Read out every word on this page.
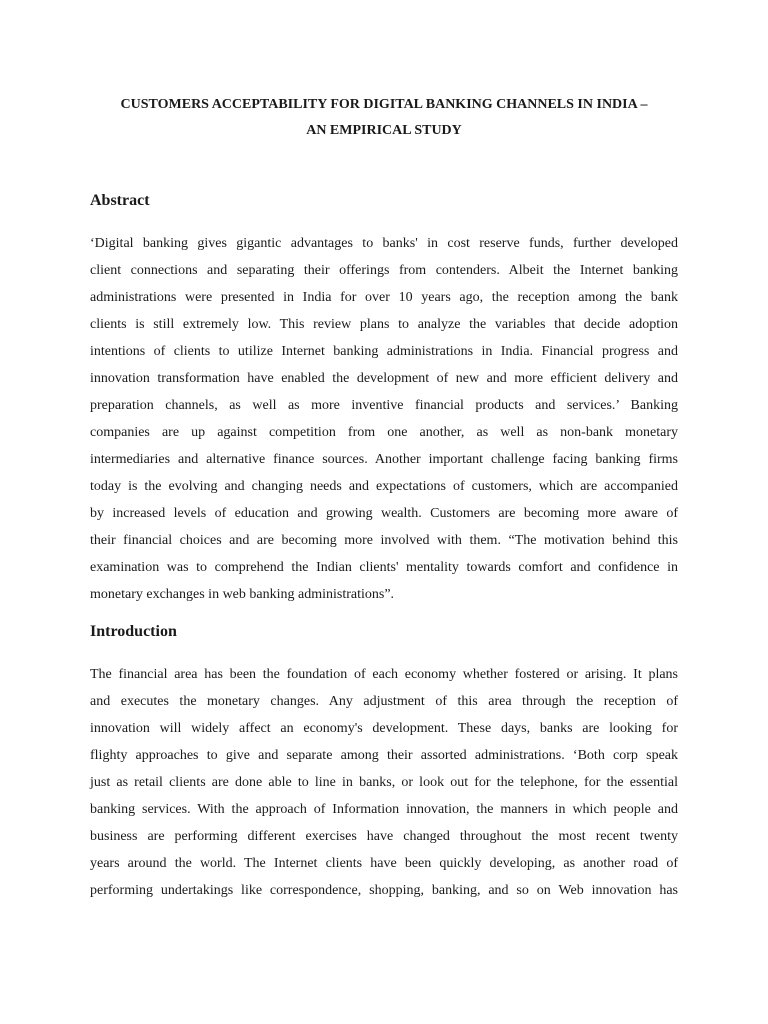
CUSTOMERS ACCEPTABILITY FOR DIGITAL BANKING CHANNELS IN INDIA –
AN EMPIRICAL STUDY
Abstract
‘Digital banking gives gigantic advantages to banks' in cost reserve funds, further developed
client connections and separating their offerings from contenders. Albeit the Internet banking
administrations were presented in India for over 10 years ago, the reception among the bank
clients is still extremely low. This review plans to analyze the variables that decide adoption
intentions of clients to utilize Internet banking administrations in India. Financial progress and
innovation transformation have enabled the development of new and more efficient delivery and
preparation channels, as well as more inventive financial products and services.’ Banking
companies are up against competition from one another, as well as non-bank monetary
intermediaries and alternative finance sources. Another important challenge facing banking firms
today is the evolving and changing needs and expectations of customers, which are accompanied
by increased levels of education and growing wealth. Customers are becoming more aware of
their financial choices and are becoming more involved with them. “The motivation behind this
examination was to comprehend the Indian clients' mentality towards comfort and confidence in
monetary exchanges in web banking administrations”.
Introduction
The financial area has been the foundation of each economy whether fostered or arising. It plans
and executes the monetary changes. Any adjustment of this area through the reception of
innovation will widely affect an economy's development. These days, banks are looking for
flighty approaches to give and separate among their assorted administrations. ‘Both corp speak
just as retail clients are done able to line in banks, or look out for the telephone, for the essential
banking services. With the approach of Information innovation, the manners in which people and
business are performing different exercises have changed throughout the most recent twenty
years around the world. The Internet clients have been quickly developing, as another road of
performing undertakings like correspondence, shopping, banking, and so on Web innovation has
